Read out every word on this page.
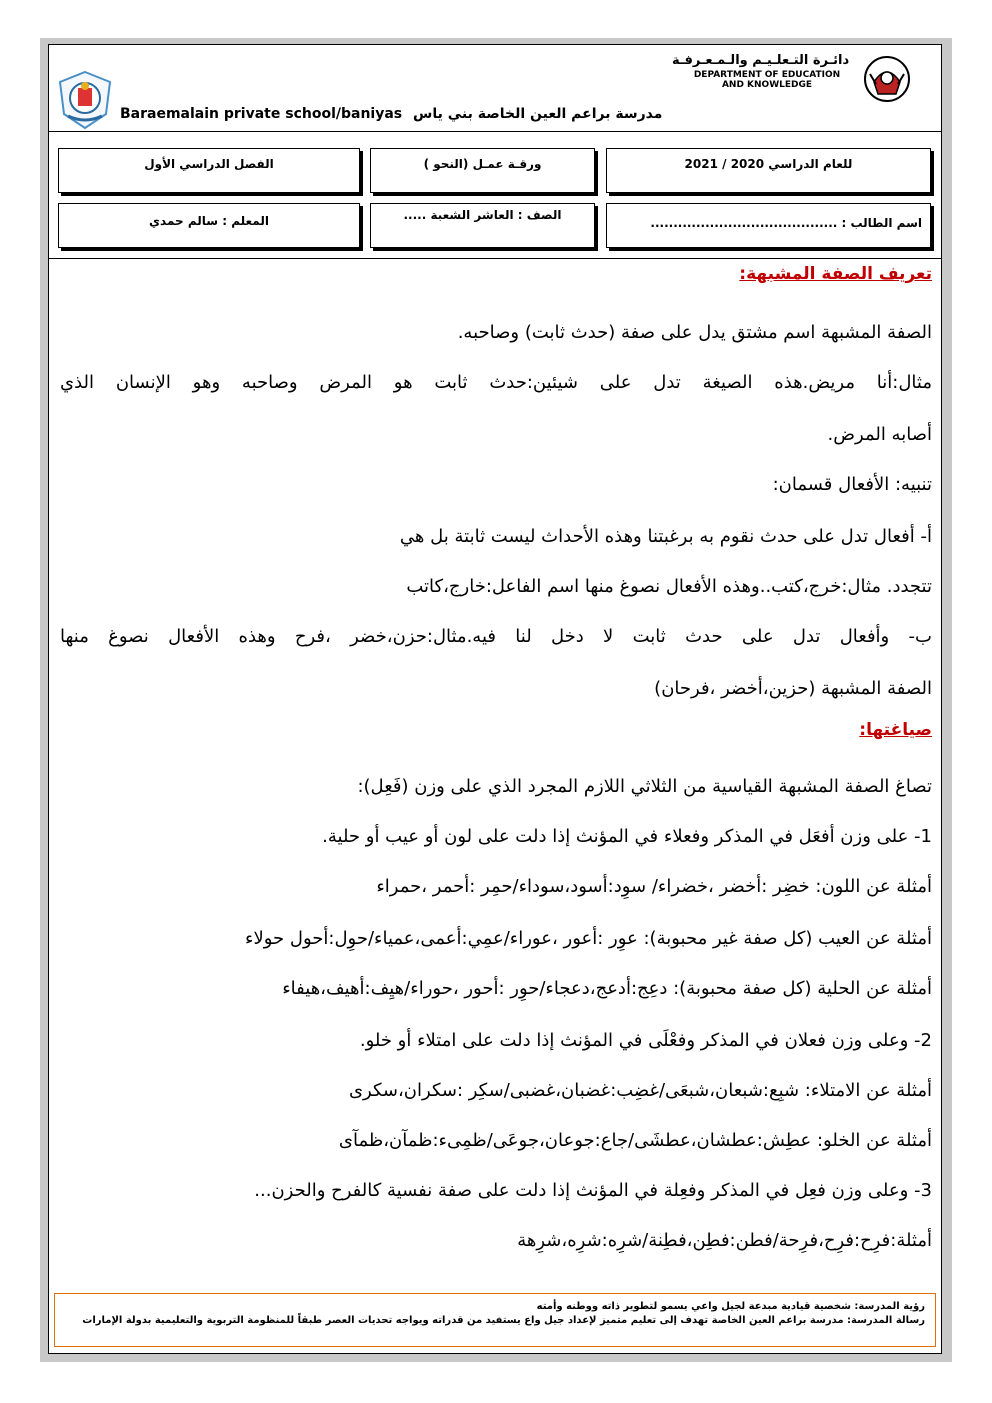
دائـرة التـعلـيـم والـمـعـرفـة
DEPARTMENT OF EDUCATION
AND KNOWLEDGE
مدرسة براعم العين الخاصة بني ياس Baraemalain private school/baniyas
للعام الدراسي 2020 / 2021
ورقـة عمـل (النحو )
الفصل الدراسي الأول
اسم الطالب : .........................................
الصف : العاشر الشعبة .....
المعلم : سالم حمدي
تعريف الصفة المشبهة:
الصفة المشبهة اسم مشتق يدل على صفة (حدث ثابت) وصاحبه.
مثال:أنا مريض.هذه الصيغة تدل على شيئين:حدث ثابت هو المرض وصاحبه وهو الإنسان الذي
أصابه المرض.
تنبيه: الأفعال قسمان:
أ- أفعال تدل على حدث نقوم به برغبتنا وهذه الأحداث ليست ثابتة بل هي
تتجدد. مثال:خرج،كتب..وهذه الأفعال نصوغ منها اسم الفاعل:خارج،كاتب
ب- وأفعال تدل على حدث ثابت لا دخل لنا فيه.مثال:حزن،خضر ،فرح وهذه الأفعال نصوغ منها
الصفة المشبهة (حزين،أخضر ،فرحان)
صياغتها:
تصاغ الصفة المشبهة القياسية من الثلاثي اللازم المجرد الذي على وزن (فَعِل):
1- على وزن أفعَل في المذكر وفعلاء في المؤنث إذا دلت على لون أو عيب أو حلية.
أمثلة عن اللون: خضِر :أخضر ،خضراء/ سوِد:أسود،سوداء/حمِر :أحمر ،حمراء
أمثلة عن العيب (كل صفة غير محبوبة): عوِر :أعور ،عوراء/عمِي:أعمى،عمياء/حوِل:أحول حولاء
أمثلة عن الحلية (كل صفة محبوبة): دعِج:أدعج،دعجاء/حوِر :أحور ،حوراء/هيِف:أهيف،هيفاء
2- وعلى وزن فعلان في المذكر وفعْلَى في المؤنث إذا دلت على امتلاء أو خلو.
أمثلة عن الامتلاء: شبِع:شبعان،شبعَى/غضِب:غضبان،غضبى/سكِر :سكران،سكرى
أمثلة عن الخلو: عطِش:عطشان،عطشَى/جاع:جوعان،جوعَى/ظمِىء:ظمآن،ظمآى
3- وعلى وزن فعِل في المذكر وفعِلة في المؤنث إذا دلت على صفة نفسية كالفرح والحزن...
أمثلة:فرِح:فرِح،فرِحة/فطن:فطِن،فطِنة/شرِه:شرِه،شرِهة
رؤية المدرسة: شخصية قيادية مبدعة لجيل واعي يسمو لتطوير ذاته ووطنه وأمته
رسالة المدرسة: مدرسة براعم العين الخاصة تهدف إلى تعليم متميز لإعداد جيل واع يستفيد من قدراته ويواجه تحديات العصر طبقاً للمنظومة التربوية والتعليمية بدولة الإمارات
